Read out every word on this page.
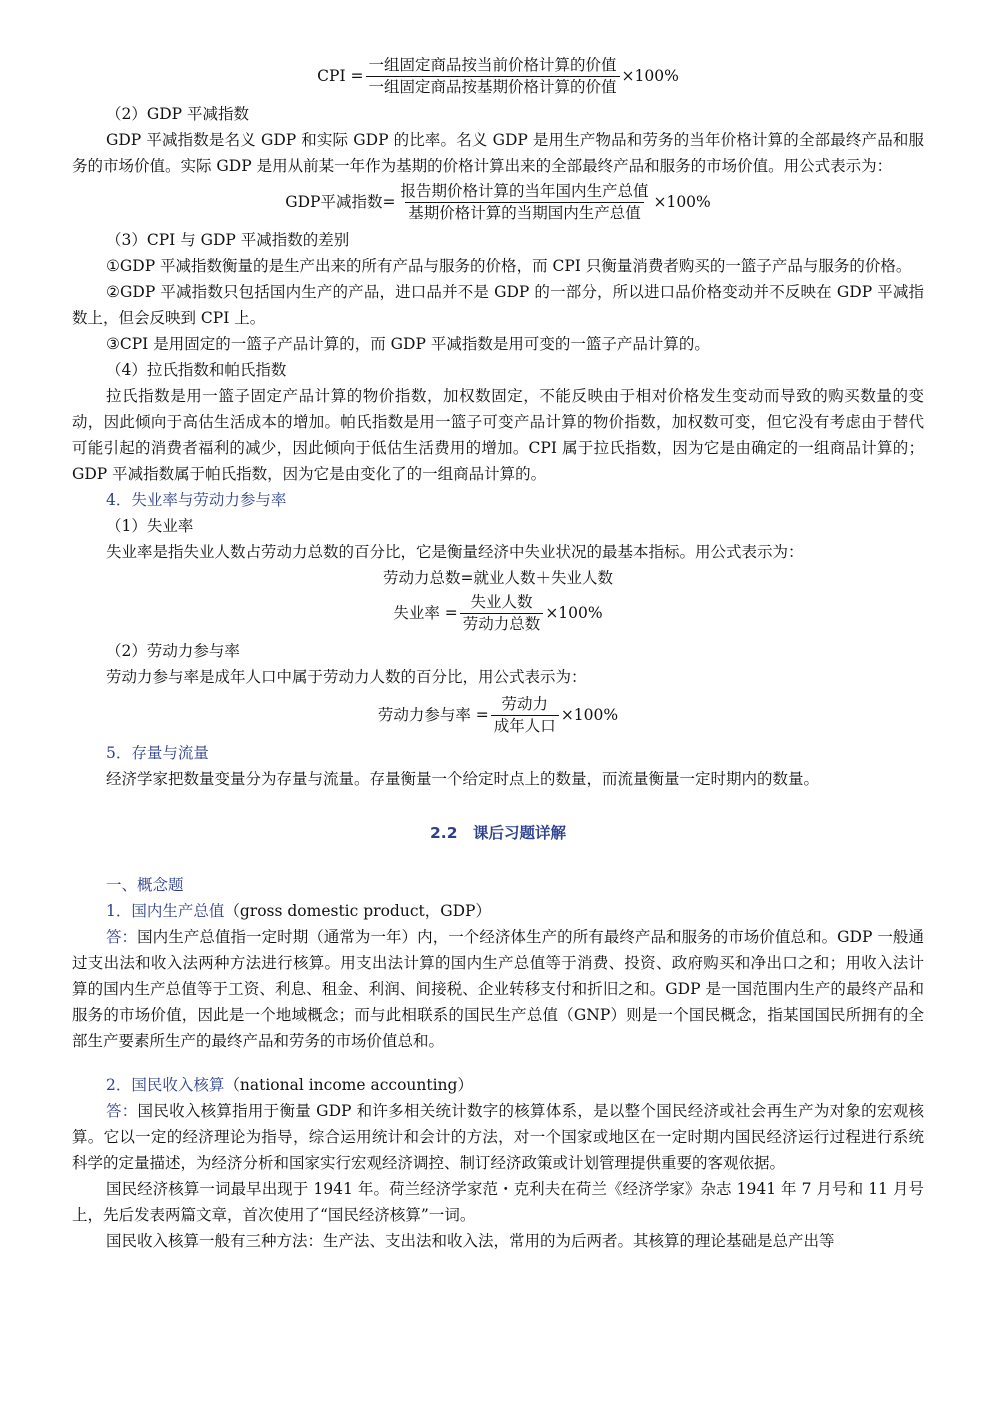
CPI = $\frac{\text{一组固定商品按当前价格计算的价值}}{\text{一组固定商品按基期价格计算的价值}} \times 100\%$

（2）GDP 平减指数

GDP 平减指数是名义 GDP 和实际 GDP 的比率。名义 GDP 是用生产物品和劳务的当年价格计算的全部最终产品和服务的市场价值。实际 GDP 是用从前某一年作为基期的价格计算出来的全部最终产品和服务的市场价值。用公式表示为：

GDP平减指数= $\frac{\text{报告期价格计算的当年国内生产总值}}{\text{基期价格计算的当期国内生产总值}} \times 100\%$

（3）CPI 与 GDP 平减指数的差别

①GDP 平减指数衡量的是生产出来的所有产品与服务的价格，而 CPI 只衡量消费者购买的一篮子产品与服务的价格。

②GDP 平减指数只包括国内生产的产品，进口品并不是 GDP 的一部分，所以进口品价格变动并不反映在 GDP 平减指数上，但会反映到 CPI 上。

③CPI 是用固定的一篮子产品计算的，而 GDP 平减指数是用可变的一篮子产品计算的。

（4）拉氏指数和帕氏指数

拉氏指数是用一篮子固定产品计算的物价指数，加权数固定，不能反映由于相对价格发生变动而导致的购买数量的变动，因此倾向于高估生活成本的增加。帕氏指数是用一篮子可变产品计算的物价指数，加权数可变，但它没有考虑由于替代可能引起的消费者福利的减少，因此倾向于低估生活费用的增加。CPI 属于拉氏指数，因为它是由确定的一组商品计算的；GDP 平减指数属于帕氏指数，因为它是由变化了的一组商品计算的。

4．失业率与劳动力参与率

（1）失业率

失业率是指失业人数占劳动力总数的百分比，它是衡量经济中失业状况的最基本指标。用公式表示为：

劳动力总数=就业人数＋失业人数
失业率 = $\frac{\text{失业人数}}{\text{劳动力总数}} \times 100\%$

（2）劳动力参与率

劳动力参与率是成年人口中属于劳动力人数的百分比，用公式表示为：

劳动力参与率 = $\frac{\text{劳动力}}{\text{成年人口}} \times 100\%$

5．存量与流量

经济学家把数量变量分为存量与流量。存量衡量一个给定时点上的数量，而流量衡量一定时期内的数量。

2.2　课后习题详解

一、概念题

1．国内生产总值（gross domestic product，GDP）

答：国内生产总值指一定时期（通常为一年）内，一个经济体生产的所有最终产品和服务的市场价值总和。GDP 一般通过支出法和收入法两种方法进行核算。用支出法计算的国内生产总值等于消费、投资、政府购买和净出口之和；用收入法计算的国内生产总值等于工资、利息、租金、利润、间接税、企业转移支付和折旧之和。GDP 是一国范围内生产的最终产品和服务的市场价值，因此是一个地域概念；而与此相联系的国民生产总值（GNP）则是一个国民概念，指某国国民所拥有的全部生产要素所生产的最终产品和劳务的市场价值总和。

2．国民收入核算（national income accounting）

答：国民收入核算指用于衡量 GDP 和许多相关统计数字的核算体系，是以整个国民经济或社会再生产为对象的宏观核算。它以一定的经济理论为指导，综合运用统计和会计的方法，对一个国家或地区在一定时期内国民经济运行过程进行系统科学的定量描述，为经济分析和国家实行宏观经济调控、制订经济政策或计划管理提供重要的客观依据。

国民经济核算一词最早出现于 1941 年。荷兰经济学家范・克利夫在荷兰《经济学家》杂志 1941 年 7 月号和 11 月号上，先后发表两篇文章，首次使用了“国民经济核算”一词。

国民收入核算一般有三种方法：生产法、支出法和收入法，常用的为后两者。其核算的理论基础是总产出等
